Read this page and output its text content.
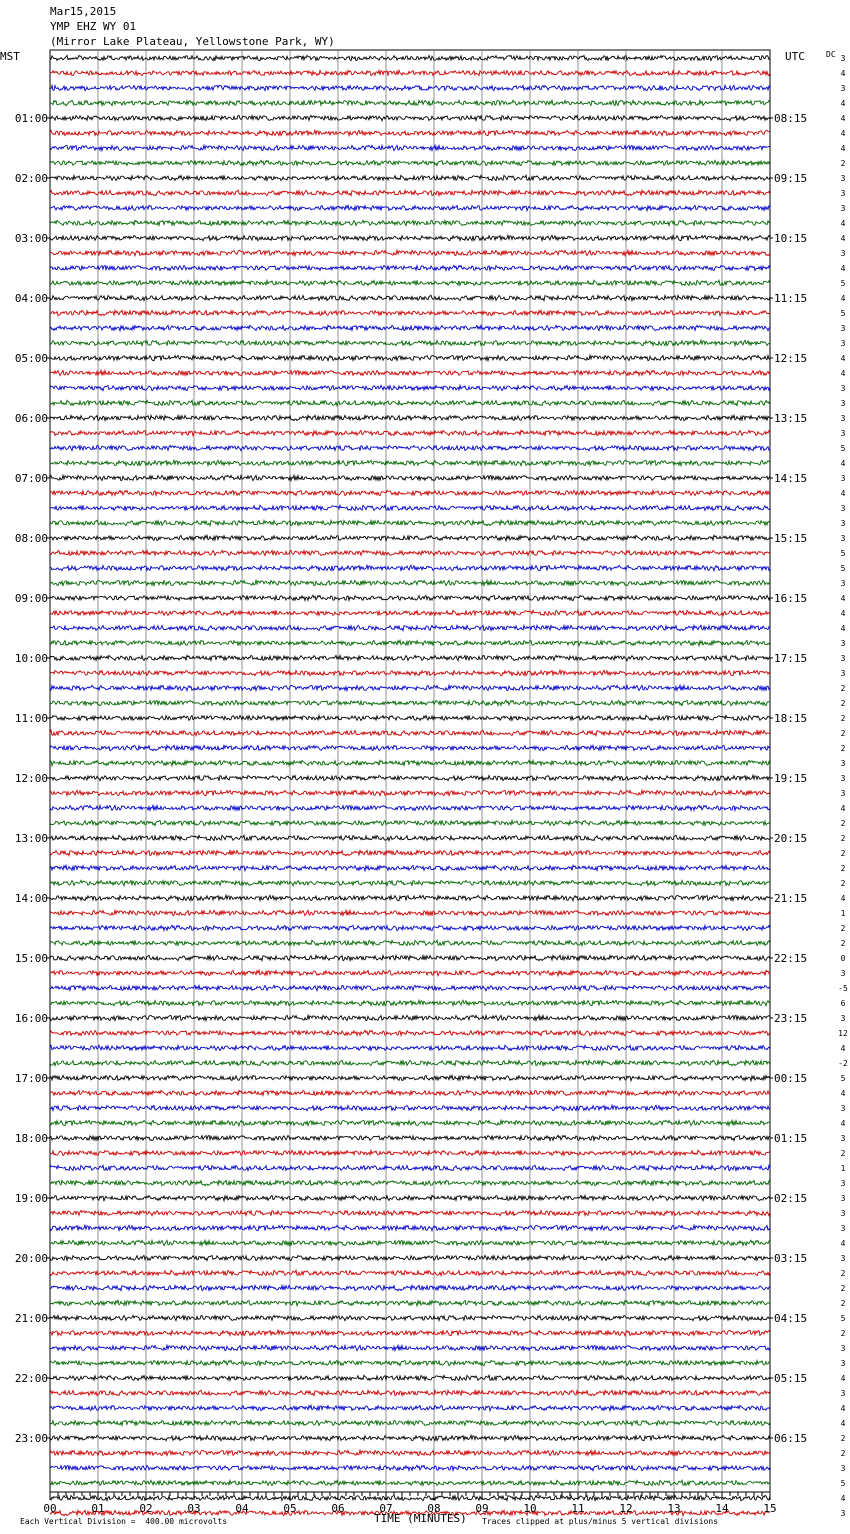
Mar15,2015
YMP EHZ WY 01
(Mirror Lake Plateau, Yellowstone Park, WY)
MST	UTC	DC 3
4
3
4
4
4
4
2
3
3
3
4
4
3
4
5
4
5
3
3
4
4
3
3
3
3
5
4
3
4
3
3
3
5
5
3
4
4
4
3
3
3
2
2
2
2
2
3
3
3
4
2
2
2
2
2
4
1
2
2
0
3
-5
6
3
12
4
-2
5
4
3
4
3
2
1
3
3
3
3
4
3
2
2
2
5
2
3
3
4
3
4
4
2
2
3
5
4
3
01:00
02:00
03:00
04:00
05:00
06:00
07:00
08:00
09:00
10:00
11:00
12:00
13:00
14:00
15:00
16:00
17:00
18:00
19:00
20:00
21:00
22:00
23:00
08:15
09:15
10:15
11:15
12:15
13:15
14:15
15:15
16:15
17:15
18:15
19:15
20:15
21:15
22:15
23:15
00:15
01:15
02:15
03:15
04:15
05:15
06:15
00	01	02	03	04	05	06	07	08	09	10	11	12	13	14	15
TIME (MINUTES)
Each Vertical Division =  400.00 microvolts	Traces clipped at plus/minus 5 vertical divisions
